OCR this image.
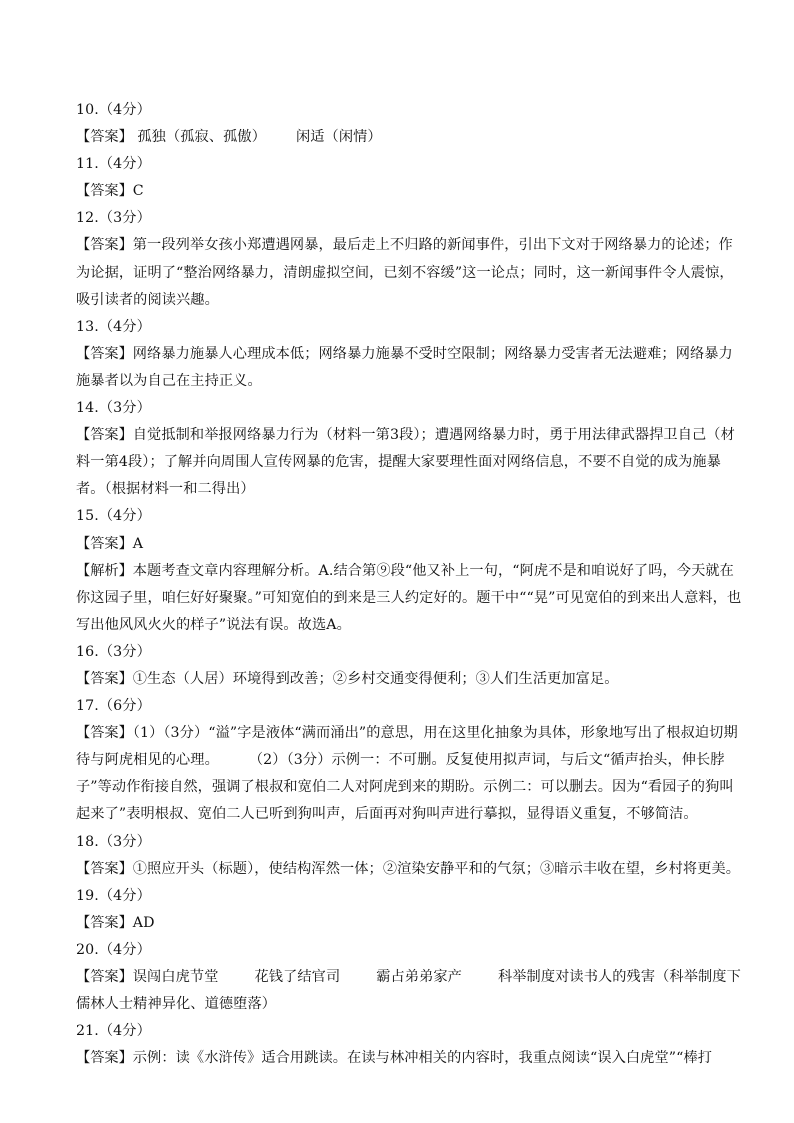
10.（4分）
【答案】 孤独（孤寂、孤傲） 闲适（闲情）
11.（4分）
【答案】C
12.（3分）

【答案】第一段列举女孩小郑遭遇网暴，最后走上不归路的新闻事件，引出下文对于网络暴力的论述；作为论据，证明了“整治网络暴力，清朗虚拟空间，已刻不容缓”这一论点；同时，这一新闻事件令人震惊，吸引读者的阅读兴趣。

13.（4分）

【答案】网络暴力施暴人心理成本低；网络暴力施暴不受时空限制；网络暴力受害者无法避难；网络暴力施暴者以为自己在主持正义。

14.（3分）

【答案】自觉抵制和举报网络暴力行为（材料一第3段）；遭遇网络暴力时，勇于用法律武器捍卫自己（材料一第4段）；了解并向周围人宣传网暴的危害，提醒大家要理性面对网络信息，不要不自觉的成为施暴者。（根据材料一和二得出）

15.（4分）
【答案】A

【解析】本题考查文章内容理解分析。A.结合第⑨段“他又补上一句，“阿虎不是和咱说好了吗，今天就在你这园子里，咱仨好好聚聚。”可知宽伯的到来是三人约定好的。题干中““晃”可见宽伯的到来出人意料，也写出他风风火火的样子”说法有误。故选A。

16.（3分）

【答案】①生态（人居）环境得到改善；②乡村交通变得便利；③人们生活更加富足。

17.（6分）

【答案】（1）（3分）“溢”字是液体“满而涌出”的意思，用在这里化抽象为具体，形象地写出了根叔迫切期待与阿虎相见的心理。 （2）（3分）示例一：不可删。反复使用拟声词，与后文“循声抬头，伸长脖子”等动作衔接自然，强调了根叔和宽伯二人对阿虎到来的期盼。示例二：可以删去。因为“看园子的狗叫起来了”表明根叔、宽伯二人已听到狗叫声，后面再对狗叫声进行摹拟，显得语义重复，不够简洁。

18.（3分）

【答案】①照应开头（标题），使结构浑然一体；②渲染安静平和的气氛；③暗示丰收在望，乡村将更美。

19.（4分）
【答案】AD
20.（4分）

【答案】误闯白虎节堂	花钱了结官司	霸占弟弟家产	科举制度对读书人的残害（科举制度下儒林人士精神异化、道德堕落）

21.（4分）

【答案】示例：读《水浒传》适合用跳读。在读与林冲相关的内容时，我重点阅读“误入白虎堂”“棒打
